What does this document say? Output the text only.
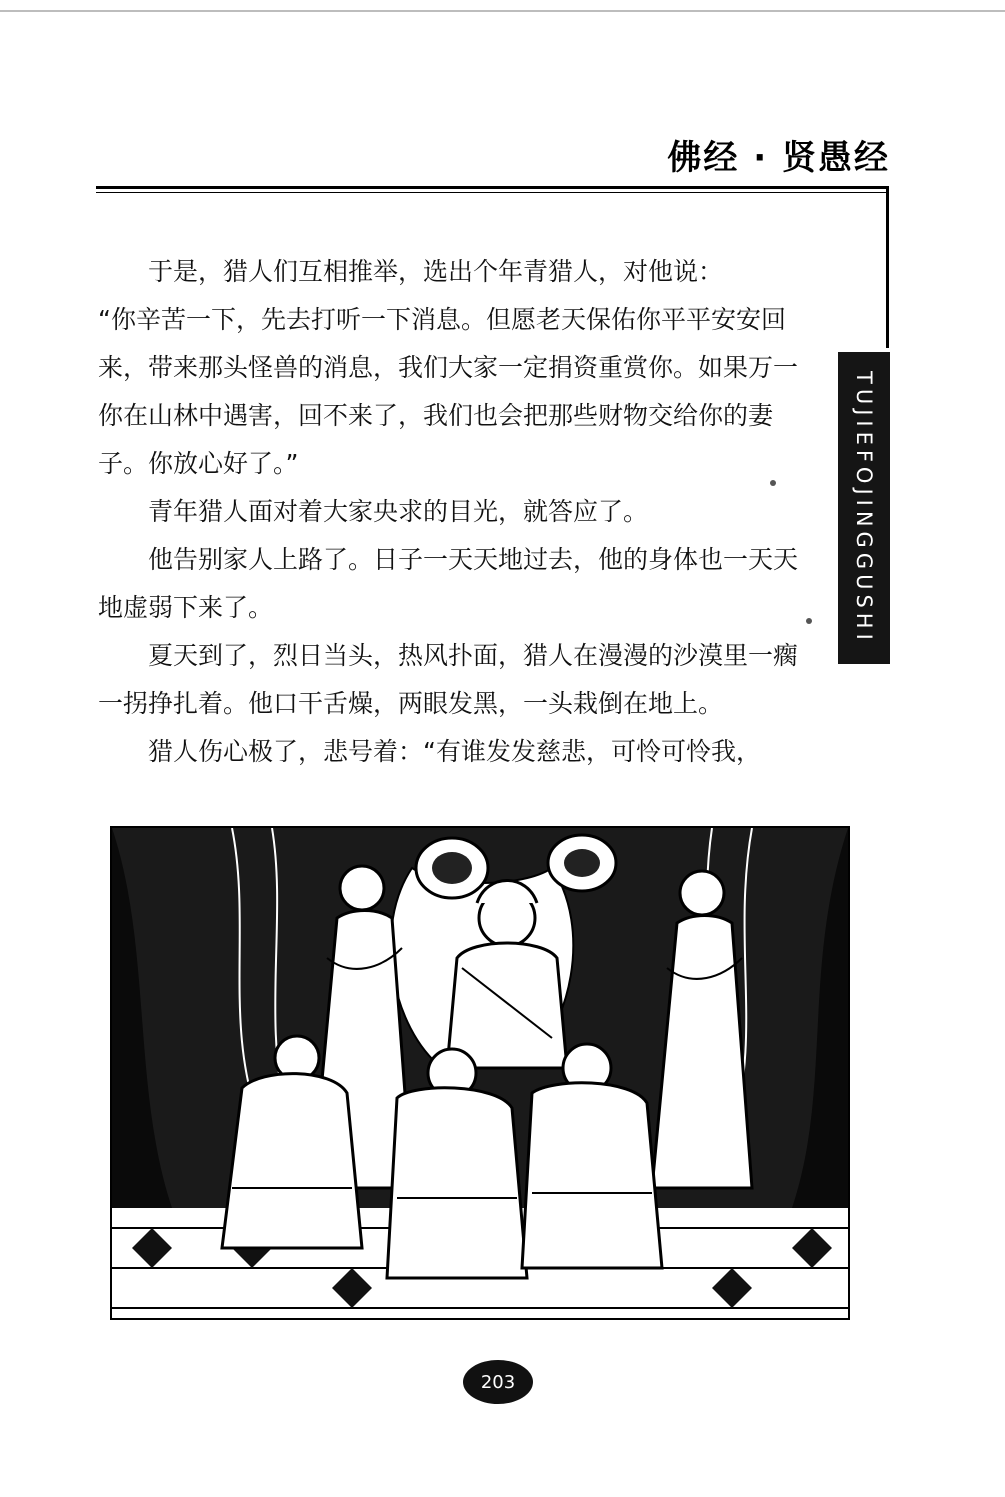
佛经 · 贤愚经
TUJIEFOJINGGUSHI

于是，猎人们互相推举，选出个年青猎人，对他说：

“你辛苦一下，先去打听一下消息。但愿老天保佑你平平安安回来，带来那头怪兽的消息，我们大家一定捐资重赏你。如果万一你在山林中遇害，回不来了，我们也会把那些财物交给你的妻子。你放心好了。”

青年猎人面对着大家央求的目光，就答应了。

他告别家人上路了。日子一天天地过去，他的身体也一天天地虚弱下来了。

夏天到了，烈日当头，热风扑面，猎人在漫漫的沙漠里一瘸一拐挣扎着。他口干舌燥，两眼发黑，一头栽倒在地上。

猎人伤心极了，悲号着：“有谁发发慈悲，可怜可怜我，

203
